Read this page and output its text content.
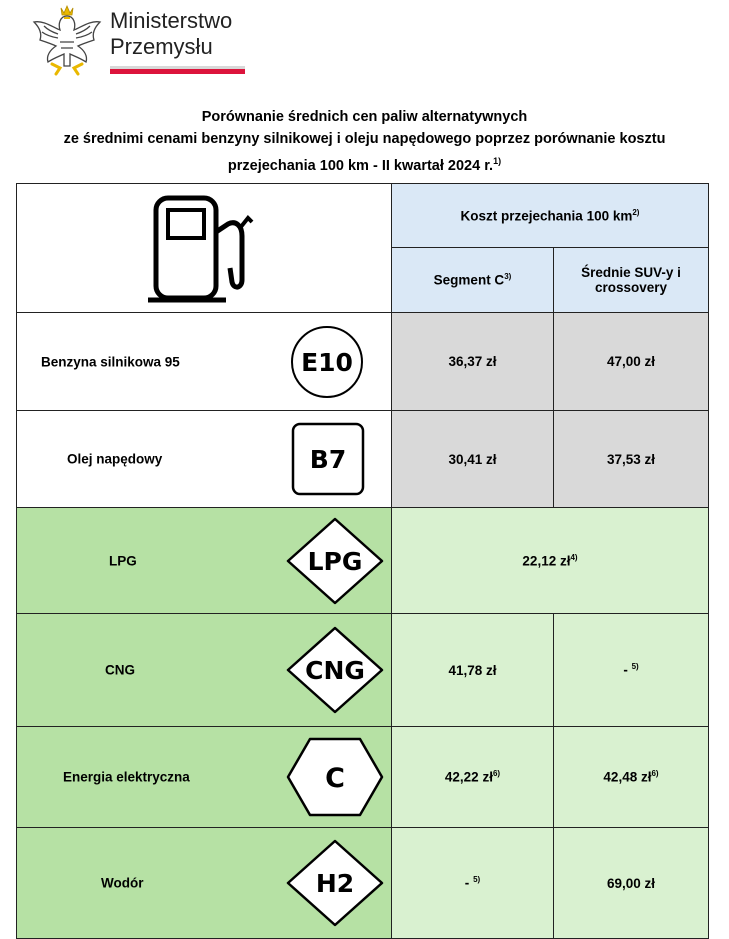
Ministerstwo
Przemysłu
Porównanie średnich cen paliw alternatywnych
ze średnimi cenami benzyny silnikowej i oleju napędowego poprzez porównanie kosztu
przejechania 100 km - II kwartał 2024 r.$^{1)}$
	Koszt przejechania 100 $km^{2)}$
	Segment $C^{3)}$	Średnie SUV-y i
crossovery

Benzyna silnikowa 95 E10	36,37 zł	47,00 zł

Olej napędowy B7	30,41 zł	37,53 zł

LPG LPG	22,12 $zł^{4)}$

CNG CNG	41,78 zł	- $^{5)}$

Energia elektryczna C	42,22 $zł^{6)}$	42,48 $zł^{6)}$

Wodór H2	- $^{5)}$	69,00 zł
